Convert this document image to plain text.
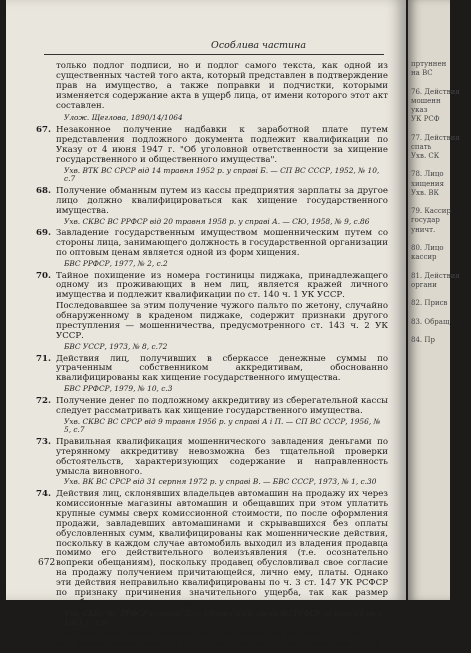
Особлива частина

только подлог подписи, но и подлог самого текста, как одной из существенных частей того акта, который представлен в подтверждение прав на имущество, а также поправки и подчистки, которыми изменяется содержание акта в ущерб лица, от имени которого этот акт составлен.

Улож. Щеглова, 1890/14/1064

67. Незаконное получение надбавки к заработной плате путем представления подложного документа подлежит квалификации по Указу от 4 июня 1947 г. "Об уголовной ответственности за хищение государственного и общественного имущества".

Ухв. ВТК ВС СРСР від 14 травня 1952 р. у справі Б. — СП ВС СССР, 1952, № 10, с.7

68. Получение обманным путем из кассы предприятия зарплаты за другое лицо должно квалифицироваться как хищение государственного имущества.

Ухв. СКВС ВС РРФСР від 20 травня 1958 р. у справі А. — СЮ, 1958, № 9, с.86

69. Завладение государственным имуществом мошенническим путем со стороны лица, занимающего должность в государственной организации по оптовым ценам является одной из форм хищения.

БВС РРФСР, 1977, № 2, с.2

70. Тайное похищение из номера гостиницы пиджака, принадлежащего одному из проживающих в нем лиц, является кражей личного имущества и подлежит квалификации по ст. 140 ч. 1 УК УССР.

Последовавшее за этим получение чужого пальто по жетону, случайно обнаруженному в краденом пиджаке, содержит признаки другого преступления — мошенничества, предусмотренного ст. 143 ч. 2 УК УССР.

БВС УССР, 1973, № 8, с.72

71. Действия лиц, получивших в сберкассе денежные суммы по утраченным собственником аккредитивам, обоснованно квалифицированы как хищение государственного имущества.

БВС РРФСР, 1979, № 10, с.3

72. Получение денег по подложному аккредитиву из сберегательной кассы следует рассматривать как хищение государственного имущества.

Ухв. СКВС ВС СРСР від 9 травня 1956 р. у справі А і П. — СП ВС СССР, 1956, № 5, с.7

73. Правильная квалификация мошеннического завладения деньгами по утерянному аккредитиву невозможна без тщательной проверки обстоятельств, характеризующих содержание и направленность умысла виновного.

Ухв. ВК ВС СРСР від 31 серпня 1972 р. у справі В. — БВС СССР, 1973, № 1, с.30

74. Действия лиц, склонявших владельцев автомашин на продажу их через комиссионные магазины автомашин и обещавших при этом уплатить крупные суммы сверх комиссионной стоимости, по после оформления продажи, завладевших автомашинами и скрывавшихся без оплаты обусловленных сумм, квалифицированы как мошеннические действия, поскольку в каждом случае автомобиль выходил из владения продавца помимо его действительного волеизъявления (т.е. осознательно вопреки обещаниям), поскольку продавец обусловливал свое согласие на продажу получением причитающейся, лично ему, платы. Однако эти действия неправильно квалифицированы по ч. 3 ст. 147 УК РСФСР по признаку причинения значительного ущерба, так как размер ущерба не является крупным.

Ухв. СКВС ВС РРФСР у справі Л. — Обзор судеб. пр-ки ВС РРФСР за третій кв-л 1981 г., с.9

75. Действия покупателя автомашины, обещавшего продавцу уплатить за нее помимо комиссионной цены дополнительную, но обманным путем

672
пртуннен
на ВС

76. Действия
мошенн
указ
УК РСФ

77. Действия
спать
Ухв. СК

78. Лицо
хищения
Ухв. ВК

79. Кассир
государ
уничт.

80. Лицо
кассир

81. Действия
органи

82. Присв

83. Обращ

84. Пр
